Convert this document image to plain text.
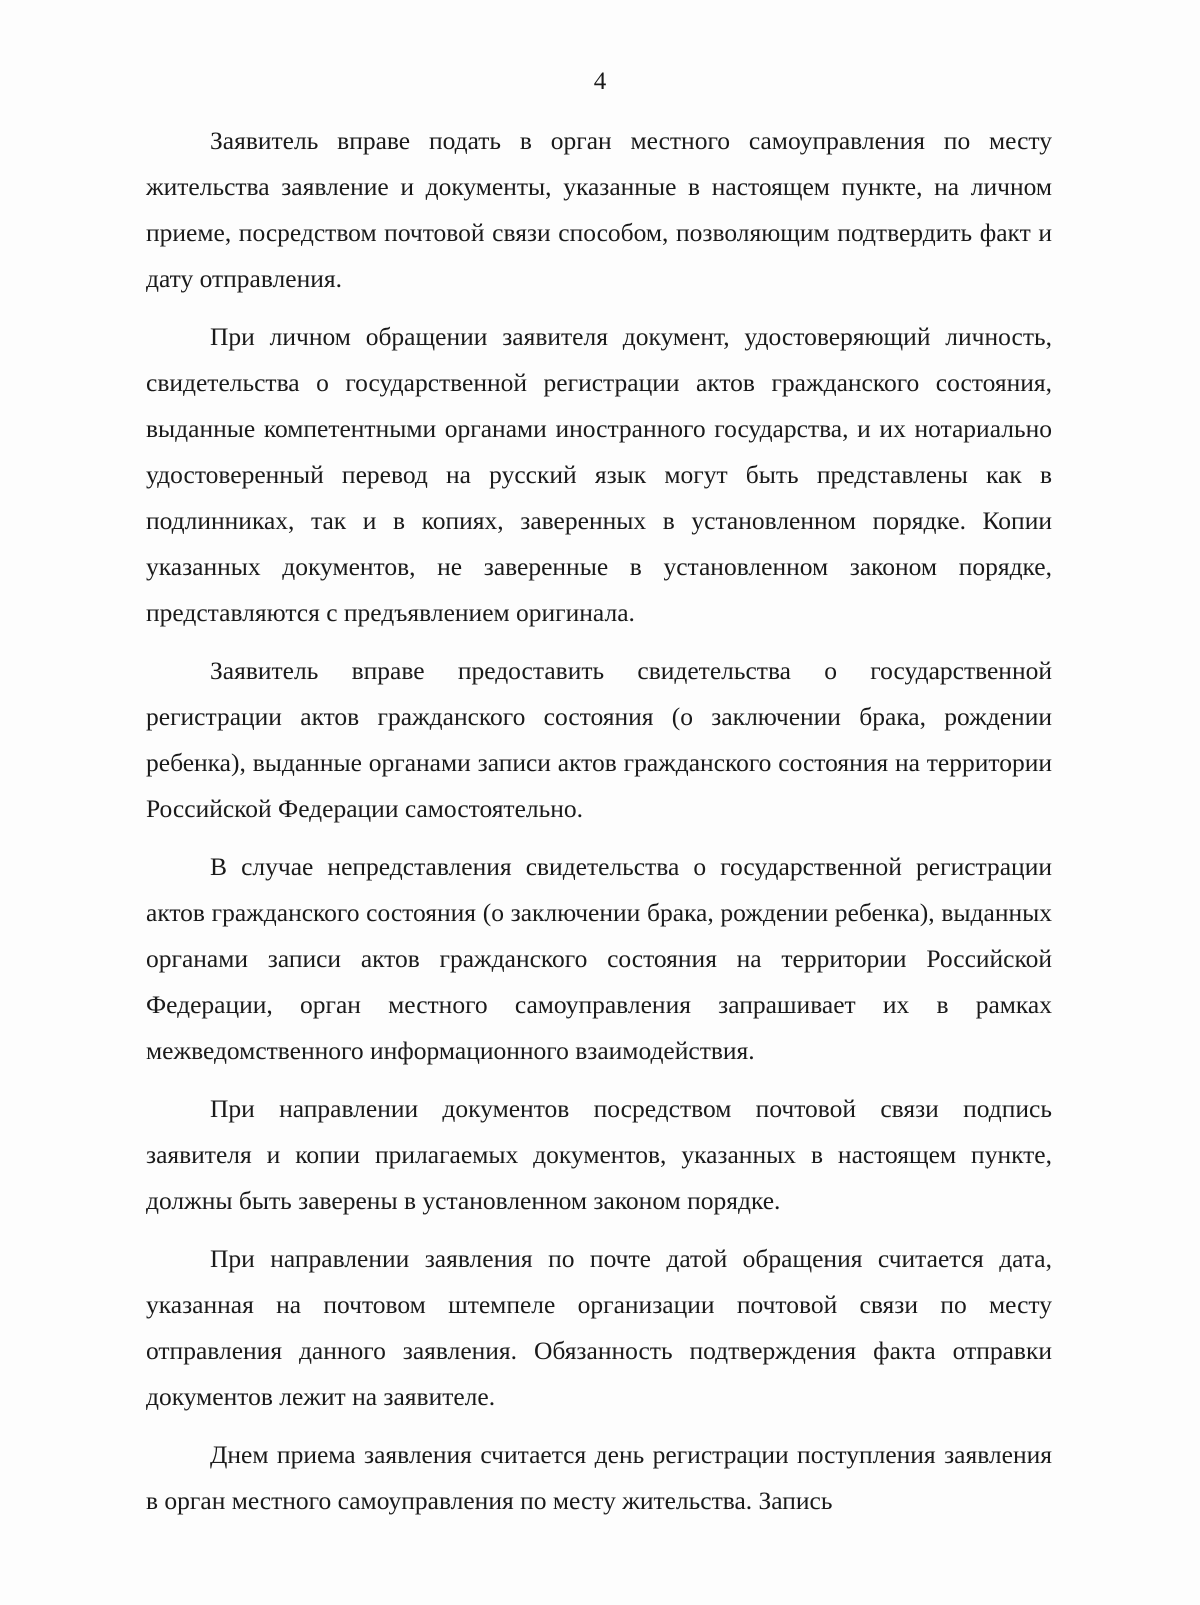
4

Заявитель вправе подать в орган местного самоуправления по месту жительства заявление и документы, указанные в настоящем пункте, на личном приеме, посредством почтовой связи способом, позволяющим подтвердить факт и дату отправления.

При личном обращении заявителя документ, удостоверяющий личность, свидетельства о государственной регистрации актов гражданского состояния, выданные компетентными органами иностранного государства, и их нотариально удостоверенный перевод на русский язык могут быть представлены как в подлинниках, так и в копиях, заверенных в установленном порядке. Копии указанных документов, не заверенные в установленном законом порядке, представляются с предъявлением оригинала.

Заявитель вправе предоставить свидетельства о государственной регистрации актов гражданского состояния (о заключении брака, рождении ребенка), выданные органами записи актов гражданского состояния на территории Российской Федерации самостоятельно.

В случае непредставления свидетельства о государственной регистрации актов гражданского состояния (о заключении брака, рождении ребенка), выданных органами записи актов гражданского состояния на территории Российской Федерации, орган местного самоуправления запрашивает их в рамках межведомственного информационного взаимодействия.

При направлении документов посредством почтовой связи подпись заявителя и копии прилагаемых документов, указанных в настоящем пункте, должны быть заверены в установленном законом порядке.

При направлении заявления по почте датой обращения считается дата, указанная на почтовом штемпеле организации почтовой связи по месту отправления данного заявления. Обязанность подтверждения факта отправки документов лежит на заявителе.

Днем приема заявления считается день регистрации поступления заявления в орган местного самоуправления по месту жительства. Запись
